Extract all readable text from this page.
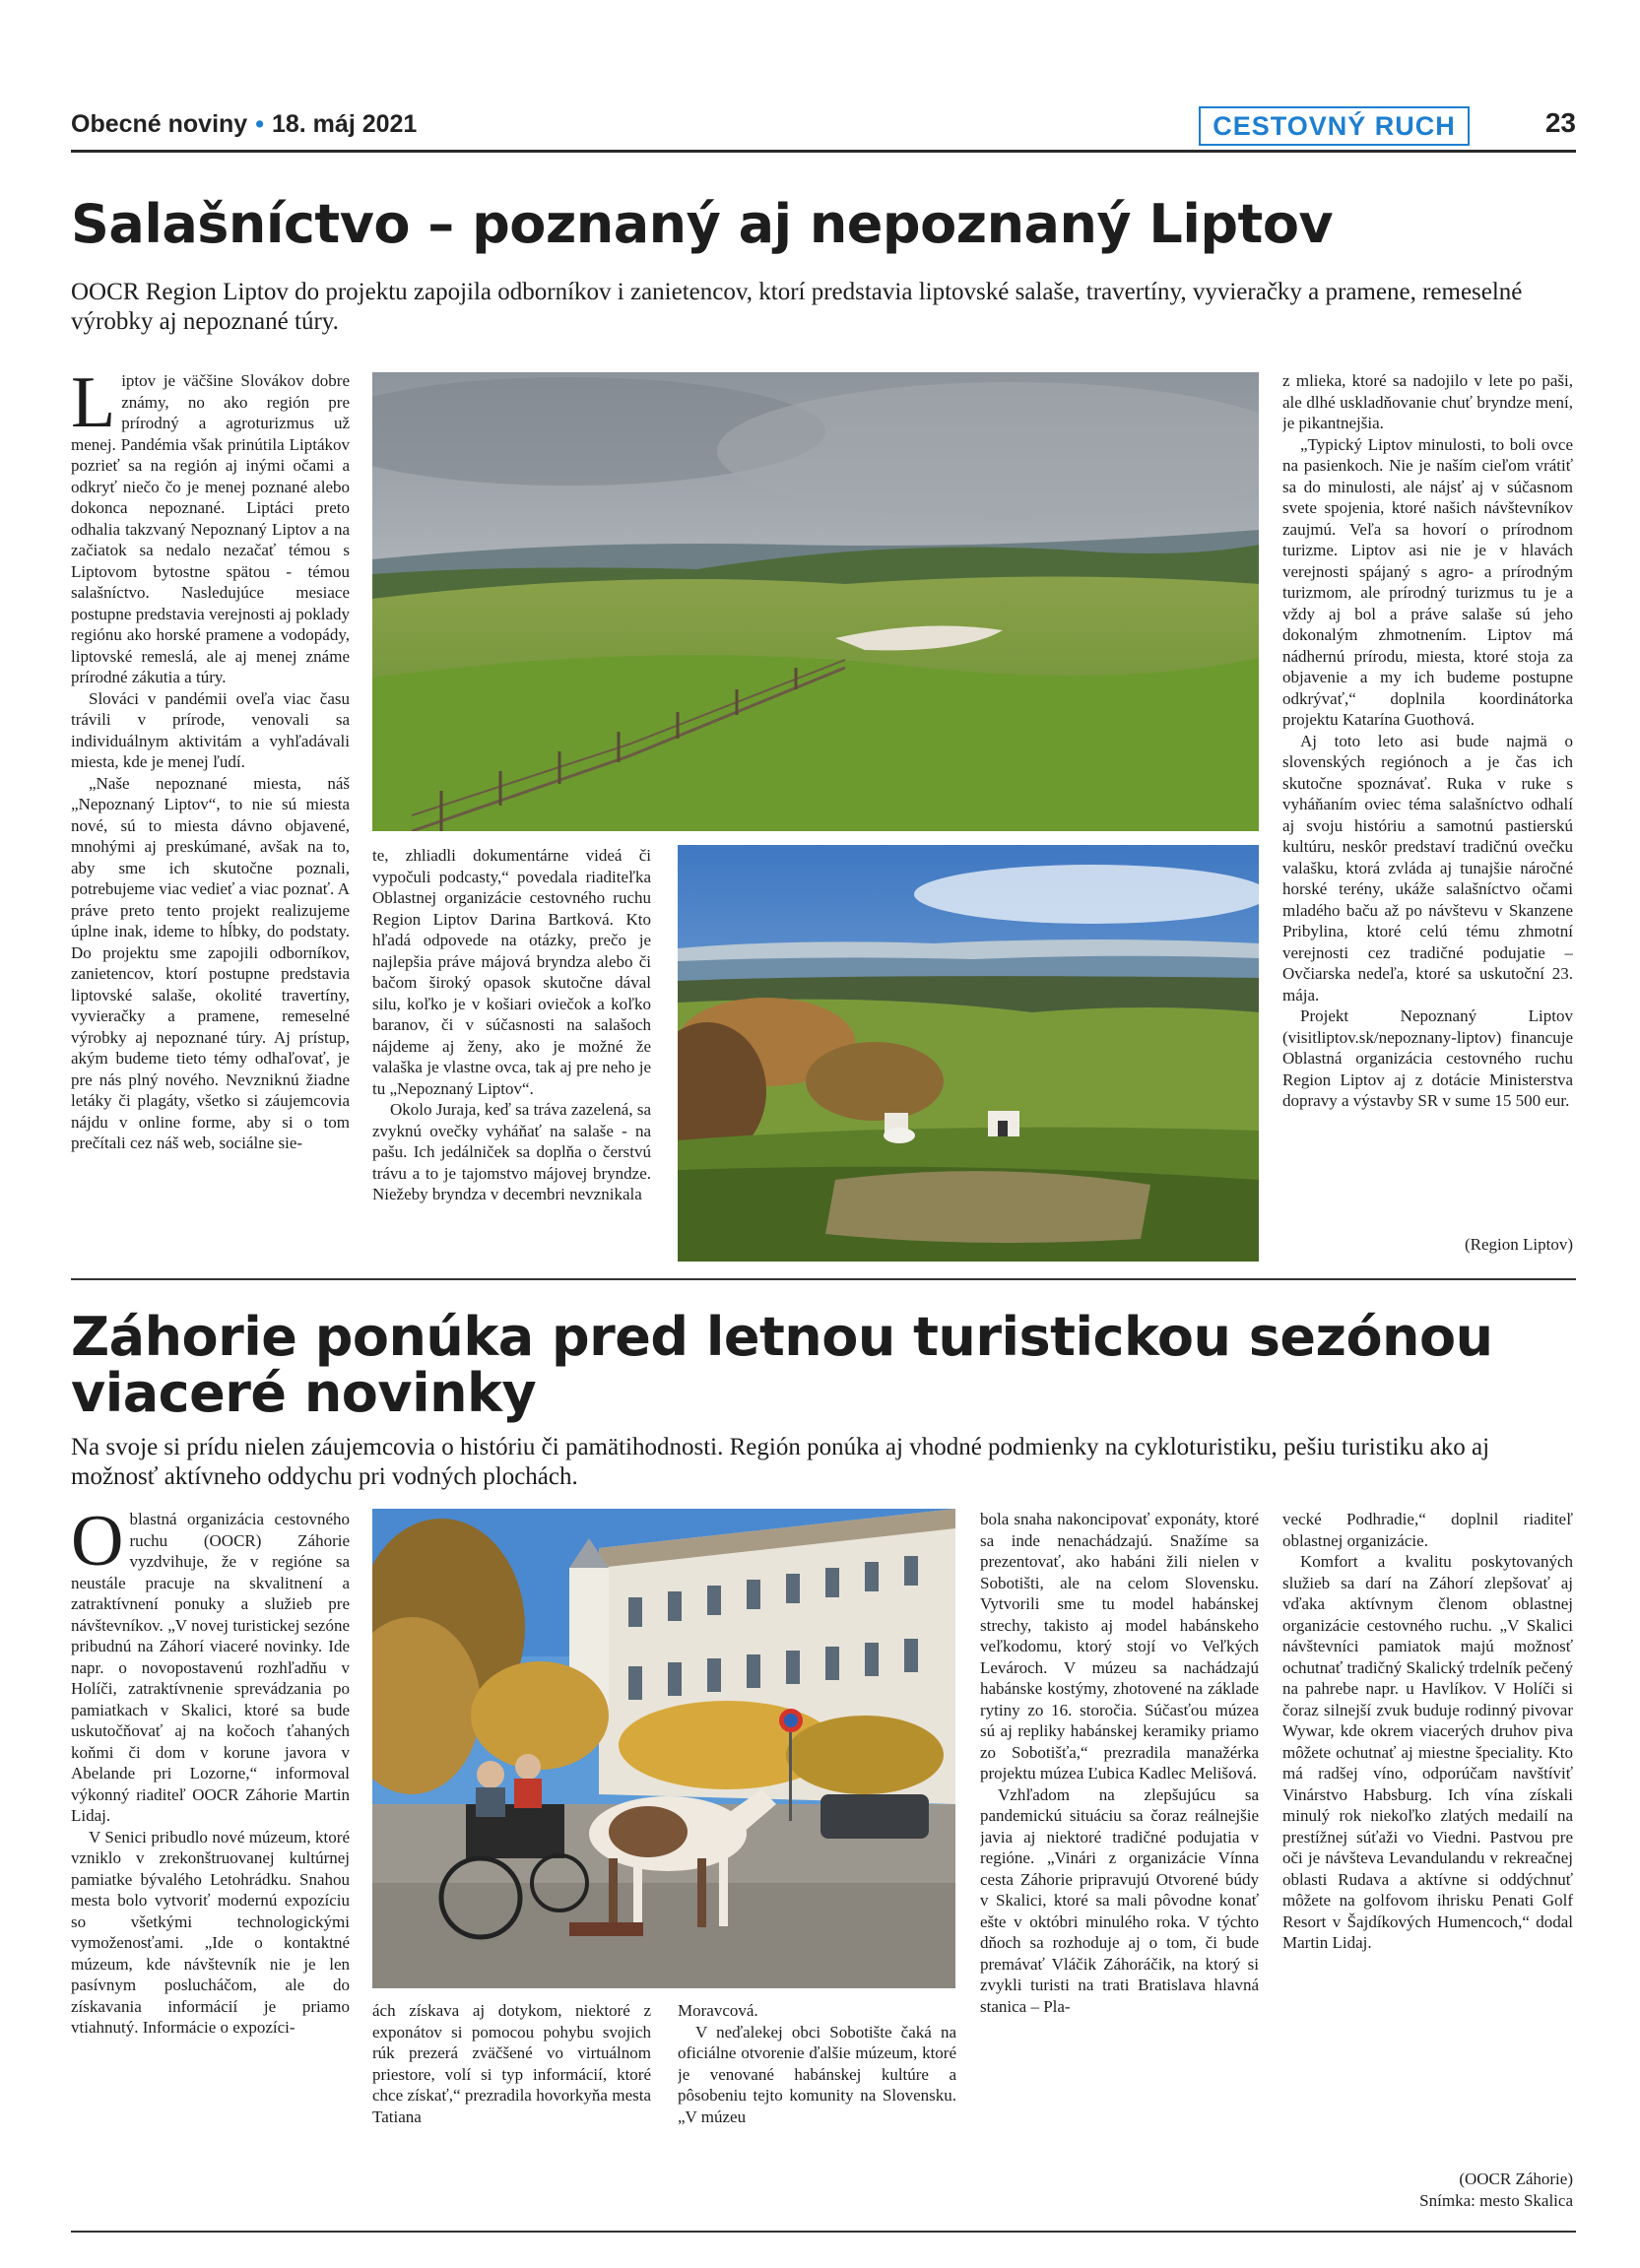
Obecné noviny • 18. máj 2021	CESTOVNÝ RUCH	23
Salašníctvo – poznaný aj nepoznaný Liptov
OOCR Region Liptov do projektu zapojila odborníkov i zanietencov, ktorí predstavia liptovské salaše, travertíny, vyvieračky a pramene, remeselné výrobky aj nepoznané túry.
L iptov je väčšine Slovákov dobre známy, no ako región pre prírodný a agroturizmus už menej. Pandémia však prinútila Liptákov pozrieť sa na región aj inými očami a odkryť niečo čo je menej poznané alebo dokonca nepoznané. Liptáci preto odhalia takzvaný Nepoznaný Liptov a na začiatok sa nedalo nezačať témou s Liptovom bytostne spätou - témou salašníctvo. Nasledujúce mesiace postupne predstavia verejnosti aj poklady regiónu ako horské pramene a vodopády, liptovské remeslá, ale aj menej známe prírodné zákutia a túry.

Slováci v pandémii oveľa viac času trávili v prírode, venovali sa individuálnym aktivitám a vyhľadávali miesta, kde je menej ľudí.

„Naše nepoznané miesta, náš „Nepoznaný Liptov“, to nie sú miesta nové, sú to miesta dávno objavené, mnohými aj preskúmané, avšak na to, aby sme ich skutočne poznali, potrebujeme viac vedieť a viac poznať. A práve preto tento projekt realizujeme úplne inak, ideme to hĺbky, do podstaty. Do projektu sme zapojili odborníkov, zanietencov, ktorí postupne predstavia liptovské salaše, okolité travertíny, vyvieračky a pramene, remeselné výrobky aj nepoznané túry. Aj prístup, akým budeme tieto témy odhaľovať, je pre nás plný nového. Nevzniknú žiadne letáky či plagáty, všetko si záujemcovia nájdu v online forme, aby si o tom prečítali cez náš web, sociálne sie-

te, zhliadli dokumentárne videá či vypočuli podcasty,“ povedala riaditeľka Oblastnej organizácie cestovného ruchu Region Liptov Darina Bartková. Kto hľadá odpovede na otázky, prečo je najlepšia práve májová bryndza alebo či bačom široký opasok skutočne dával silu, koľko je v košiari oviečok a koľko baranov, či v súčasnosti na salašoch nájdeme aj ženy, ako je možné že valaška je vlastne ovca, tak aj pre neho je tu „Nepoznaný Liptov“.

Okolo Juraja, keď sa tráva zazelená, sa zvyknú ovečky vyháňať na salaše - na pašu. Ich jedálniček sa doplňa o čerstvú trávu a to je tajomstvo májovej bryndze. Niežeby bryndza v decembri nevznikala

z mlieka, ktoré sa nadojilo v lete po paši, ale dlhé uskladňovanie chuť bryndze mení, je pikantnejšia.

„Typický Liptov minulosti, to boli ovce na pasienkoch. Nie je naším cieľom vrátiť sa do minulosti, ale nájsť aj v súčasnom svete spojenia, ktoré našich návštevníkov zaujmú. Veľa sa hovorí o prírodnom turizme. Liptov asi nie je v hlavách verejnosti spájaný s agro- a prírodným turizmom, ale prírodný turizmus tu je a vždy aj bol a práve salaše sú jeho dokonalým zhmotnením. Liptov má nádhernú prírodu, miesta, ktoré stoja za objavenie a my ich budeme postupne odkrývať,“ doplnila koordinátorka projektu Katarína Guothová.

Aj toto leto asi bude najmä o slovenských regiónoch a je čas ich skutočne spoznávať. Ruka v ruke s vyháňaním oviec téma salašníctvo odhalí aj svoju históriu a samotnú pastierskú kultúru, neskôr predstaví tradičnú ovečku valašku, ktorá zvláda aj tunajšie náročné horské terény, ukáže salašníctvo očami mladého baču až po návštevu v Skanzene Pribylina, ktoré celú tému zhmotní verejnosti cez tradičné podujatie – Ovčiarska nedeľa, ktoré sa uskutoční 23. mája.

Projekt Nepoznaný Liptov (visitliptov.sk/nepoznany-liptov) financuje Oblastná organizácia cestovného ruchu Region Liptov aj z dotácie Ministerstva dopravy a výstavby SR v sume 15 500 eur.

(Region Liptov)
Záhorie ponúka pred letnou turistickou sezónou viaceré novinky
Na svoje si prídu nielen záujemcovia o históriu či pamätihodnosti. Región ponúka aj vhodné podmienky na cykloturistiku, pešiu turistiku ako aj možnosť aktívneho oddychu pri vodných plochách.
O blastná organizácia cestovného ruchu (OOCR) Záhorie vyzdvihuje, že v regióne sa neustále pracuje na skvalitnení a zatraktívnení ponuky a služieb pre návštevníkov. „V novej turistickej sezóne pribudnú na Záhorí viaceré novinky. Ide napr. o novopostavenú rozhľadňu v Holíči, zatraktívnenie sprevádzania po pamiatkach v Skalici, ktoré sa bude uskutočňovať aj na kočoch ťahaných koňmi či dom v korune javora v Abelande pri Lozorne,“ informoval výkonný riaditeľ OOCR Záhorie Martin Lidaj.

V Senici pribudlo nové múzeum, ktoré vzniklo v zrekonštruovanej kultúrnej pamiatke bývalého Letohrádku. Snahou mesta bolo vytvoriť modernú expozíciu so všetkými technologickými vymoženosťami. „Ide o kontaktné múzeum, kde návštevník nie je len pasívnym poslucháčom, ale do získavania informácií je priamo vtiahnutý. Informácie o expozíci-

ách získava aj dotykom, niektoré z exponátov si pomocou pohybu svojich rúk prezerá zväčšené vo virtuálnom priestore, volí si typ informácií, ktoré chce získať,“ prezradila hovorkyňa mesta Tatiana

Moravcová.

V neďalekej obci Sobotište čaká na oficiálne otvorenie ďalšie múzeum, ktoré je venované habánskej kultúre a pôsobeniu tejto komunity na Slovensku. „V múzeu

bola snaha nakoncipovať exponáty, ktoré sa inde nenachádzajú. Snažíme sa prezentovať, ako habáni žili nielen v Sobotišti, ale na celom Slovensku. Vytvorili sme tu model habánskej strechy, takisto aj model habánskeho veľkodomu, ktorý stojí vo Veľkých Levároch. V múzeu sa nachádzajú habánske kostýmy, zhotovené na základe rytiny zo 16. storočia. Súčasťou múzea sú aj repliky habánskej keramiky priamo zo Sobotišťa,“ prezradila manažérka projektu múzea Ľubica Kadlec Melišová.

Vzhľadom na zlepšujúcu sa pandemickú situáciu sa čoraz reálnejšie javia aj niektoré tradičné podujatia v regióne. „Vinári z organizácie Vínna cesta Záhorie pripravujú Otvorené búdy v Skalici, ktoré sa mali pôvodne konať ešte v októbri minulého roka. V týchto dňoch sa rozhoduje aj o tom, či bude premávať Vláčik Záhoráčik, na ktorý si zvykli turisti na trati Bratislava hlavná stanica – Pla-

vecké Podhradie,“ doplnil riaditeľ oblastnej organizácie.

Komfort a kvalitu poskytovaných služieb sa darí na Záhorí zlepšovať aj vďaka aktívnym členom oblastnej organizácie cestovného ruchu. „V Skalici návštevníci pamiatok majú možnosť ochutnať tradičný Skalický trdelník pečený na pahrebe napr. u Havlíkov. V Holíči si čoraz silnejší zvuk buduje rodinný pivovar Wywar, kde okrem viacerých druhov piva môžete ochutnať aj miestne špeciality. Kto má radšej víno, odporúčam navštíviť Vinárstvo Habsburg. Ich vína získali minulý rok niekoľko zlatých medailí na prestížnej súťaži vo Viedni. Pastvou pre oči je návšteva Levandulandu v rekreačnej oblasti Rudava a aktívne si oddýchnuť môžete na golfovom ihrisku Penati Golf Resort v Šajdíkových Humencoch,“ dodal Martin Lidaj.

(OOCR Záhorie)
Snímka: mesto Skalica
